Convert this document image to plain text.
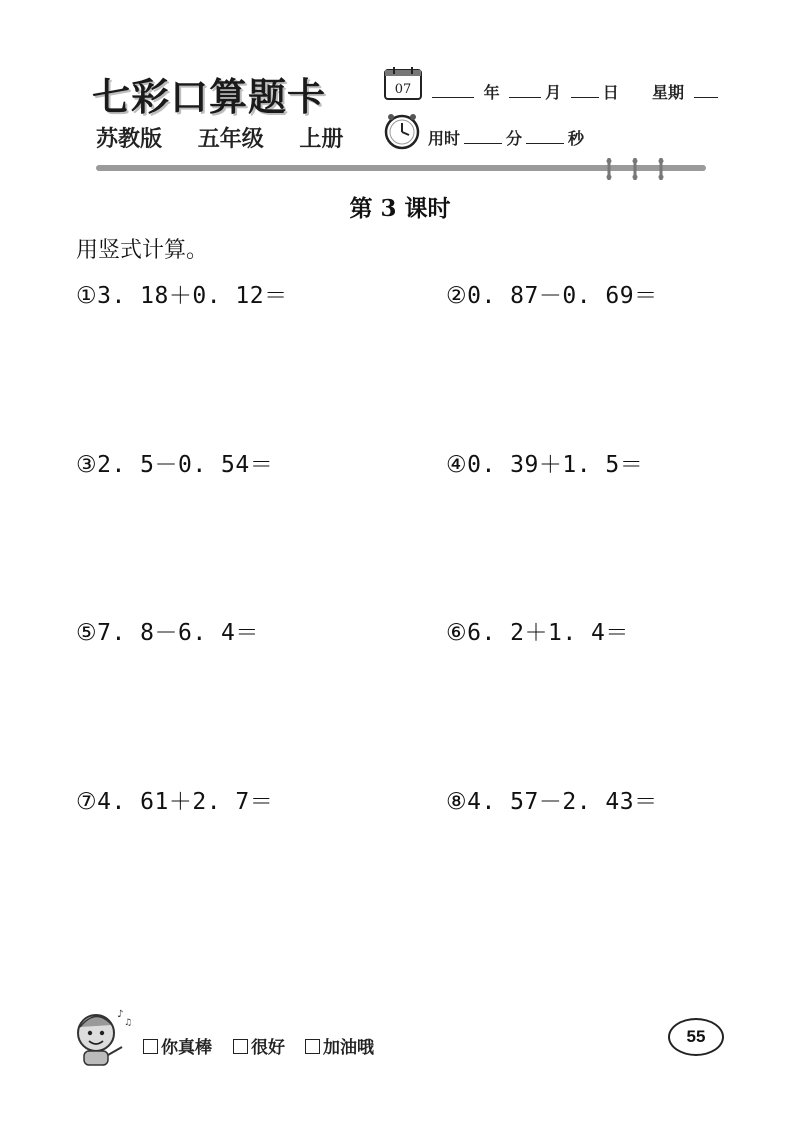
七彩口算题卡
苏教版 五年级 上册
07	年	月	日 星期
用时	分	秒
第 3 课时
用竖式计算。
①3. 18＋0. 12＝	②0. 87－0. 69＝
③2. 5－0. 54＝	④0. 39＋1. 5＝
⑤7. 8－6. 4＝	⑥6. 2＋1. 4＝
⑦4. 61＋2. 7＝	⑧4. 57－2. 43＝
♪
♫
你真棒	很好	加油哦
55
